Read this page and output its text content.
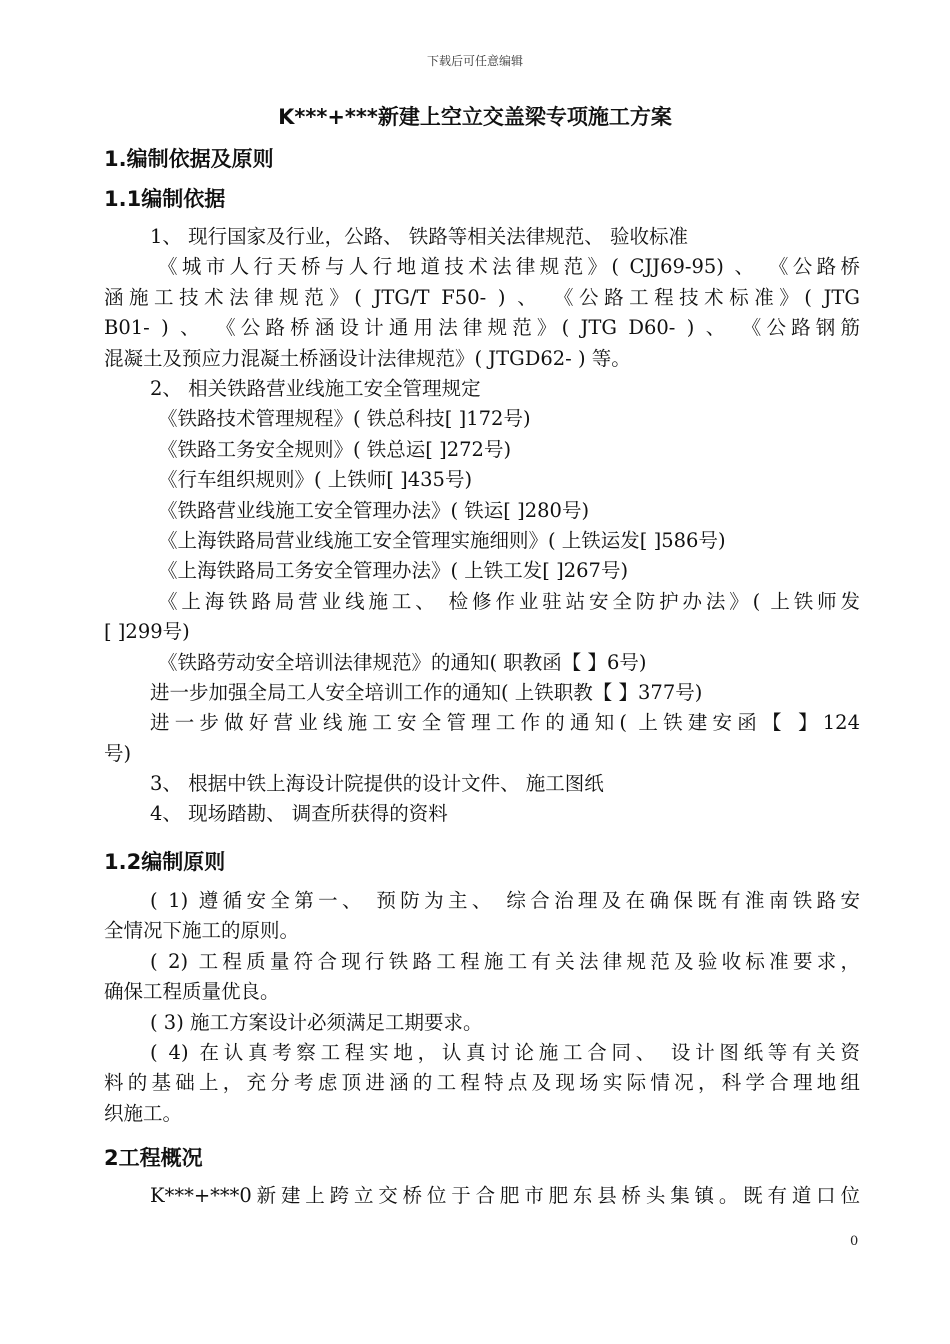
下载后可任意编辑
K***+***新建上空立交盖梁专项施工方案
1.编制依据及原则
1.1编制依据
1、 现行国家及行业，公路、 铁路等相关法律规范、 验收标准
《城市人行天桥与人行地道技术法律规范》( CJJ69-95) 、 《公路桥
涵施工技术法律规范》( JTG/T F50- ) 、 《公路工程技术标准》( JTG
B01- ) 、 《公路桥涵设计通用法律规范》( JTG D60- ) 、 《公路钢筋
混凝土及预应力混凝土桥涵设计法律规范》( JTGD62- ) 等。
2、 相关铁路营业线施工安全管理规定
《铁路技术管理规程》( 铁总科技[ ]172号)
《铁路工务安全规则》( 铁总运[ ]272号)
《行车组织规则》( 上铁师[ ]435号)
《铁路营业线施工安全管理办法》( 铁运[ ]280号)
《上海铁路局营业线施工安全管理实施细则》( 上铁运发[ ]586号)
《上海铁路局工务安全管理办法》( 上铁工发[ ]267号)
《上海铁路局营业线施工、 检修作业驻站安全防护办法》( 上铁师发
[ ]299号)
《铁路劳动安全培训法律规范》的通知( 职教函【 】6号)
进一步加强全局工人安全培训工作的通知( 上铁职教【 】377号)
进一步做好营业线施工安全管理工作的通知( 上铁建安函【 】124
号)
3、 根据中铁上海设计院提供的设计文件、 施工图纸
4、 现场踏勘、 调查所获得的资料
1.2编制原则
( 1) 遵循安全第一、 预防为主、 综合治理及在确保既有淮南铁路安
全情况下施工的原则。
( 2) 工程质量符合现行铁路工程施工有关法律规范及验收标准要求，
确保工程质量优良。
( 3) 施工方案设计必须满足工期要求。
( 4) 在认真考察工程实地，认真讨论施工合同、 设计图纸等有关资
料的基础上，充分考虑顶进涵的工程特点及现场实际情况，科学合理地组
织施工。
2工程概况
K***+***0新建上跨立交桥位于合肥市肥东县桥头集镇。既有道口位
0
